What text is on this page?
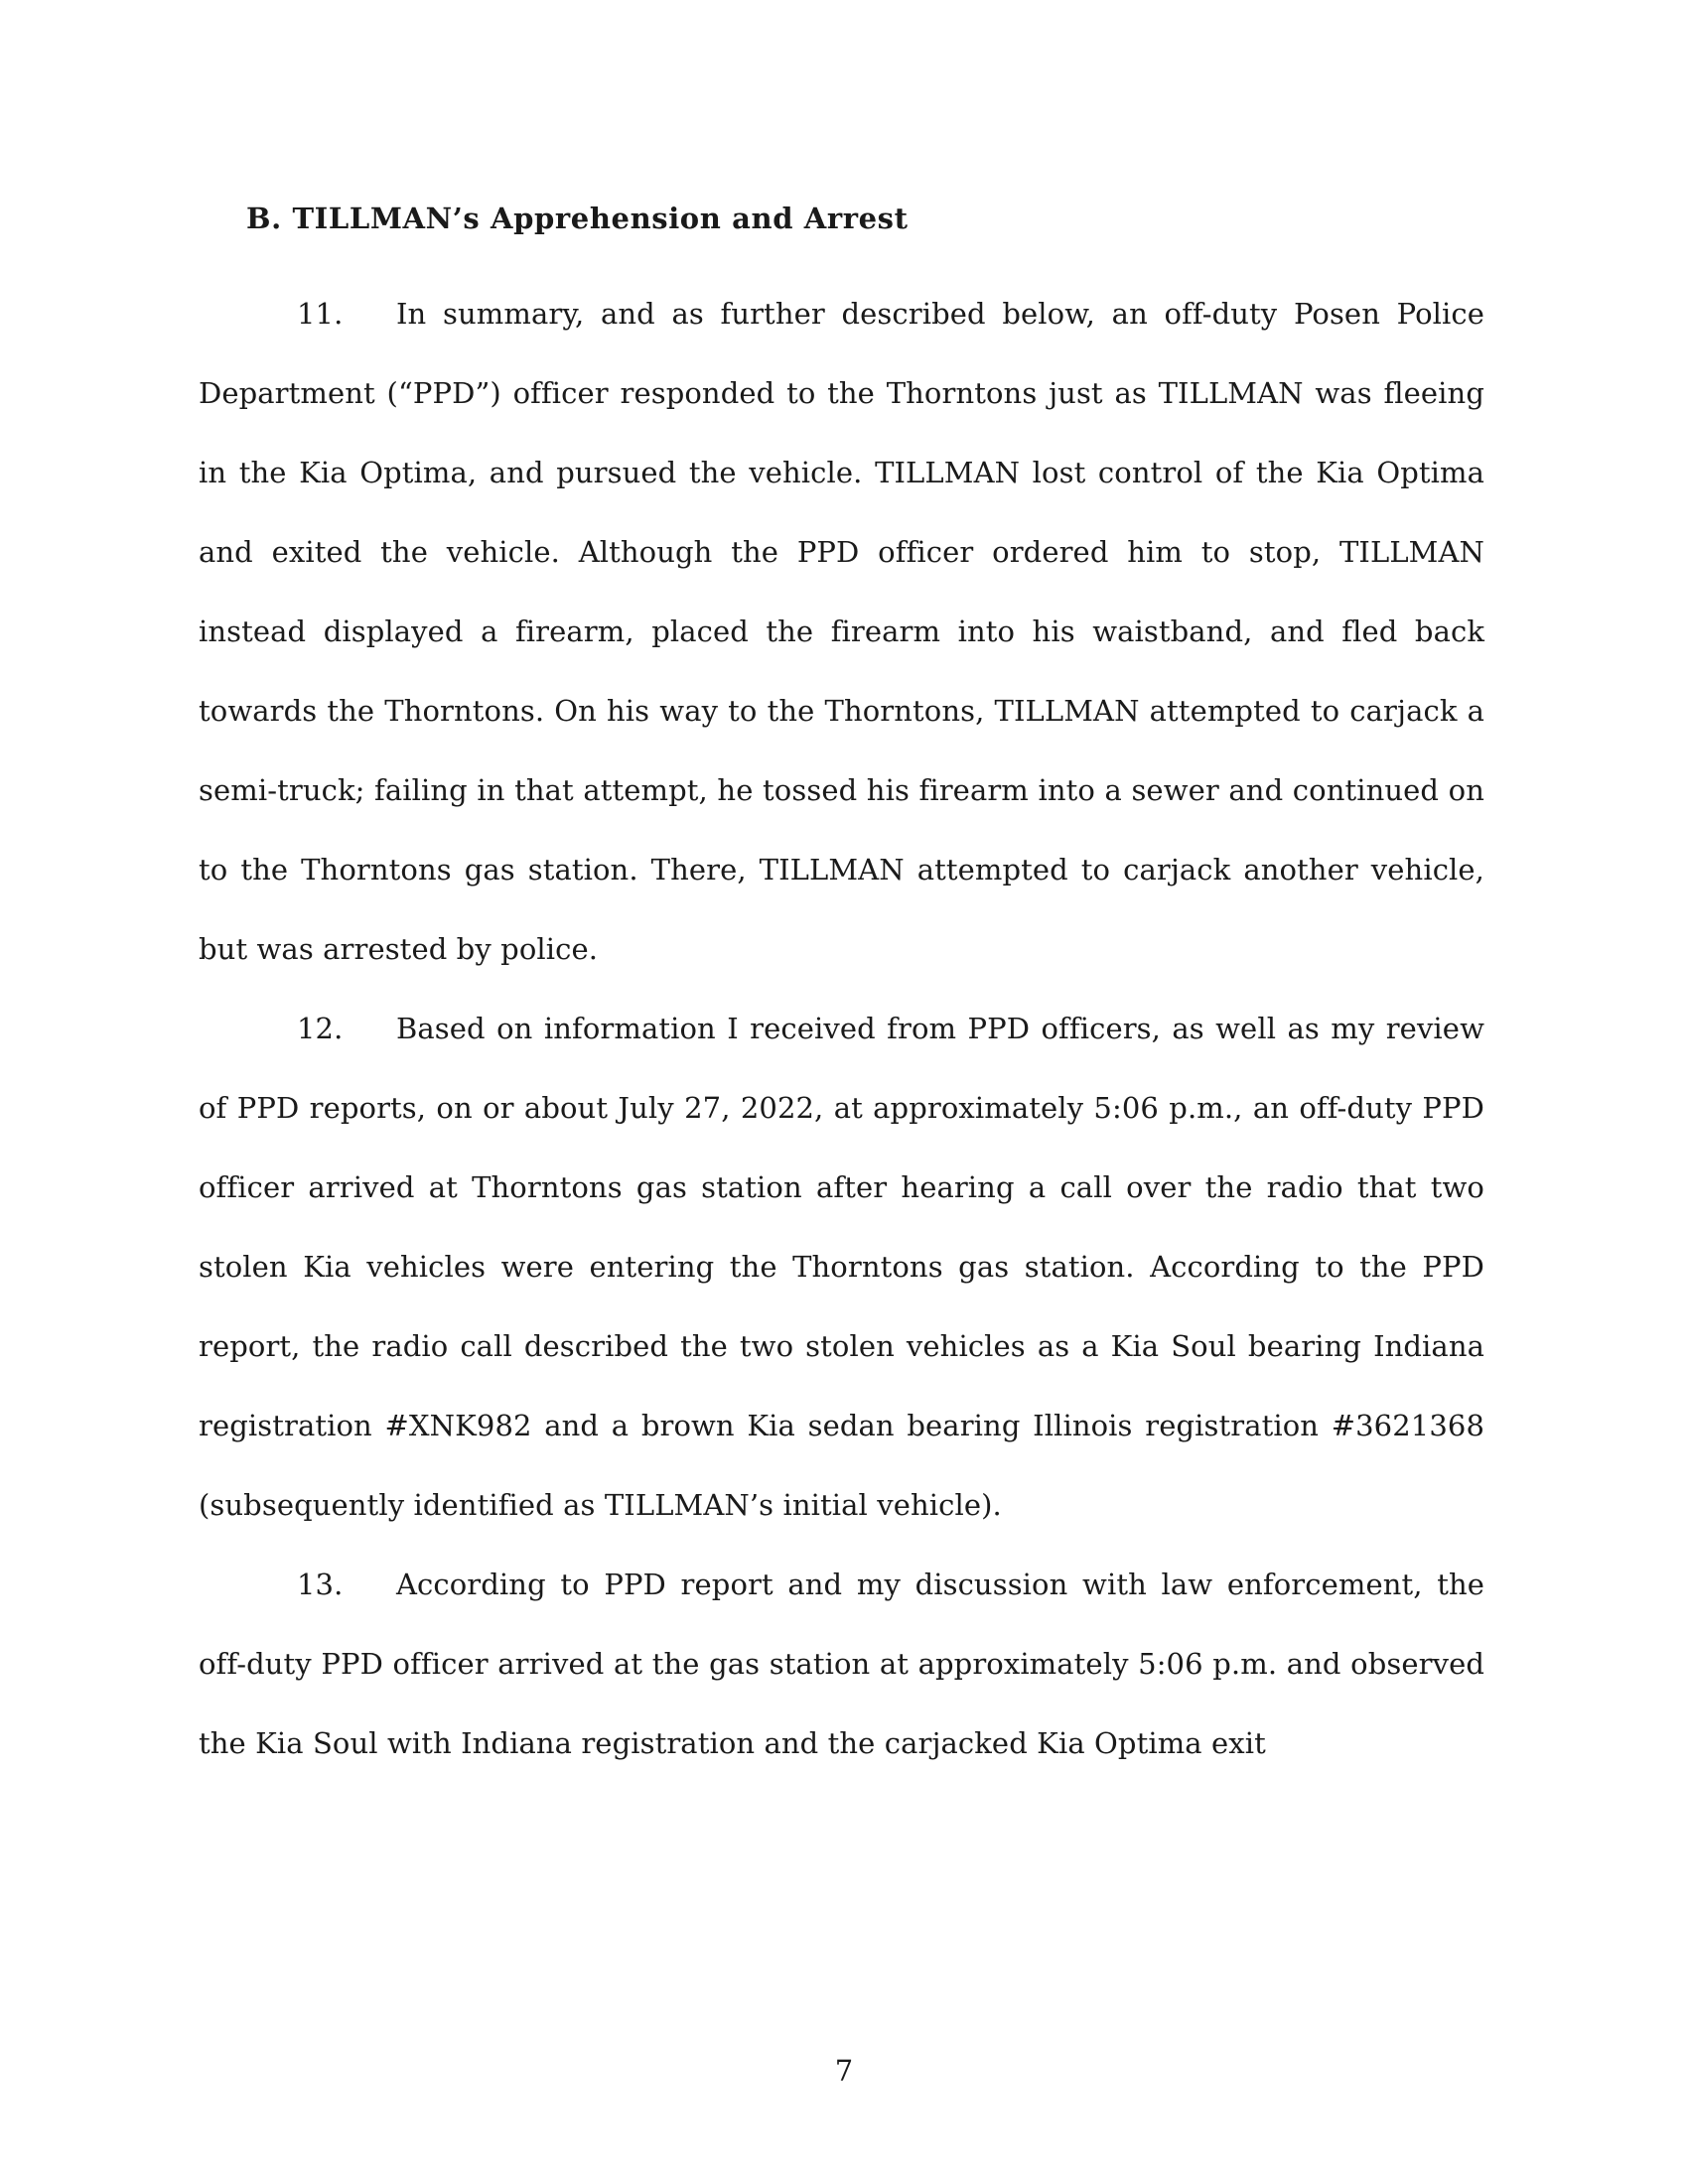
B. TILLMAN’s Apprehension and Arrest

11. In summary, and as further described below, an off-duty Posen Police Department (“PPD”) officer responded to the Thorntons just as TILLMAN was fleeing in the Kia Optima, and pursued the vehicle. TILLMAN lost control of the Kia Optima and exited the vehicle. Although the PPD officer ordered him to stop, TILLMAN instead displayed a firearm, placed the firearm into his waistband, and fled back towards the Thorntons. On his way to the Thorntons, TILLMAN attempted to carjack a semi-truck; failing in that attempt, he tossed his firearm into a sewer and continued on to the Thorntons gas station. There, TILLMAN attempted to carjack another vehicle, but was arrested by police.

12. Based on information I received from PPD officers, as well as my review of PPD reports, on or about July 27, 2022, at approximately 5:06 p.m., an off-duty PPD officer arrived at Thorntons gas station after hearing a call over the radio that two stolen Kia vehicles were entering the Thorntons gas station. According to the PPD report, the radio call described the two stolen vehicles as a Kia Soul bearing Indiana registration #XNK982 and a brown Kia sedan bearing Illinois registration #3621368 (subsequently identified as TILLMAN’s initial vehicle).

13. According to PPD report and my discussion with law enforcement, the off-duty PPD officer arrived at the gas station at approximately 5:06 p.m. and observed the Kia Soul with Indiana registration and the carjacked Kia Optima exit

7
